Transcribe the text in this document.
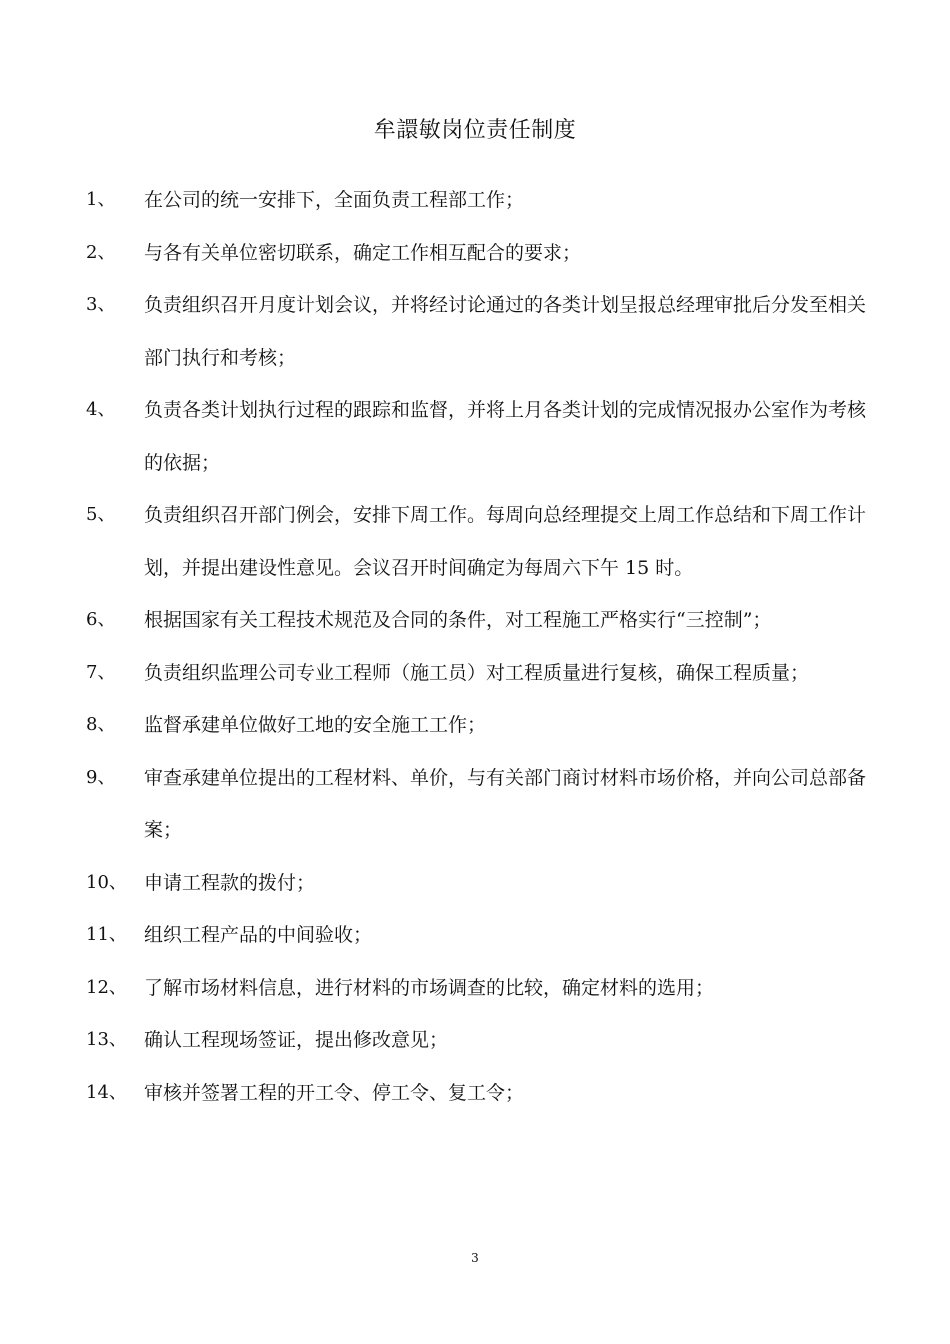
牟譞敏岗位责任制度
1、	在公司的统一安排下，全面负责工程部工作；
2、	与各有关单位密切联系，确定工作相互配合的要求；
3、	负责组织召开月度计划会议，并将经讨论通过的各类计划呈报总经理审批后分发至相关部门执行和考核；
4、	负责各类计划执行过程的跟踪和监督，并将上月各类计划的完成情况报办公室作为考核的依据；
5、	负责组织召开部门例会，安排下周工作。每周向总经理提交上周工作总结和下周工作计划，并提出建设性意见。会议召开时间确定为每周六下午 15 时。
6、	根据国家有关工程技术规范及合同的条件，对工程施工严格实行“三控制”；
7、	负责组织监理公司专业工程师（施工员）对工程质量进行复核，确保工程质量；
8、	监督承建单位做好工地的安全施工工作；
9、	审查承建单位提出的工程材料、单价，与有关部门商讨材料市场价格，并向公司总部备案；
10、 申请工程款的拨付；
11、 组织工程产品的中间验收；
12、 了解市场材料信息，进行材料的市场调查的比较，确定材料的选用；
13、 确认工程现场签证，提出修改意见；
14、 审核并签署工程的开工令、停工令、复工令；
3
